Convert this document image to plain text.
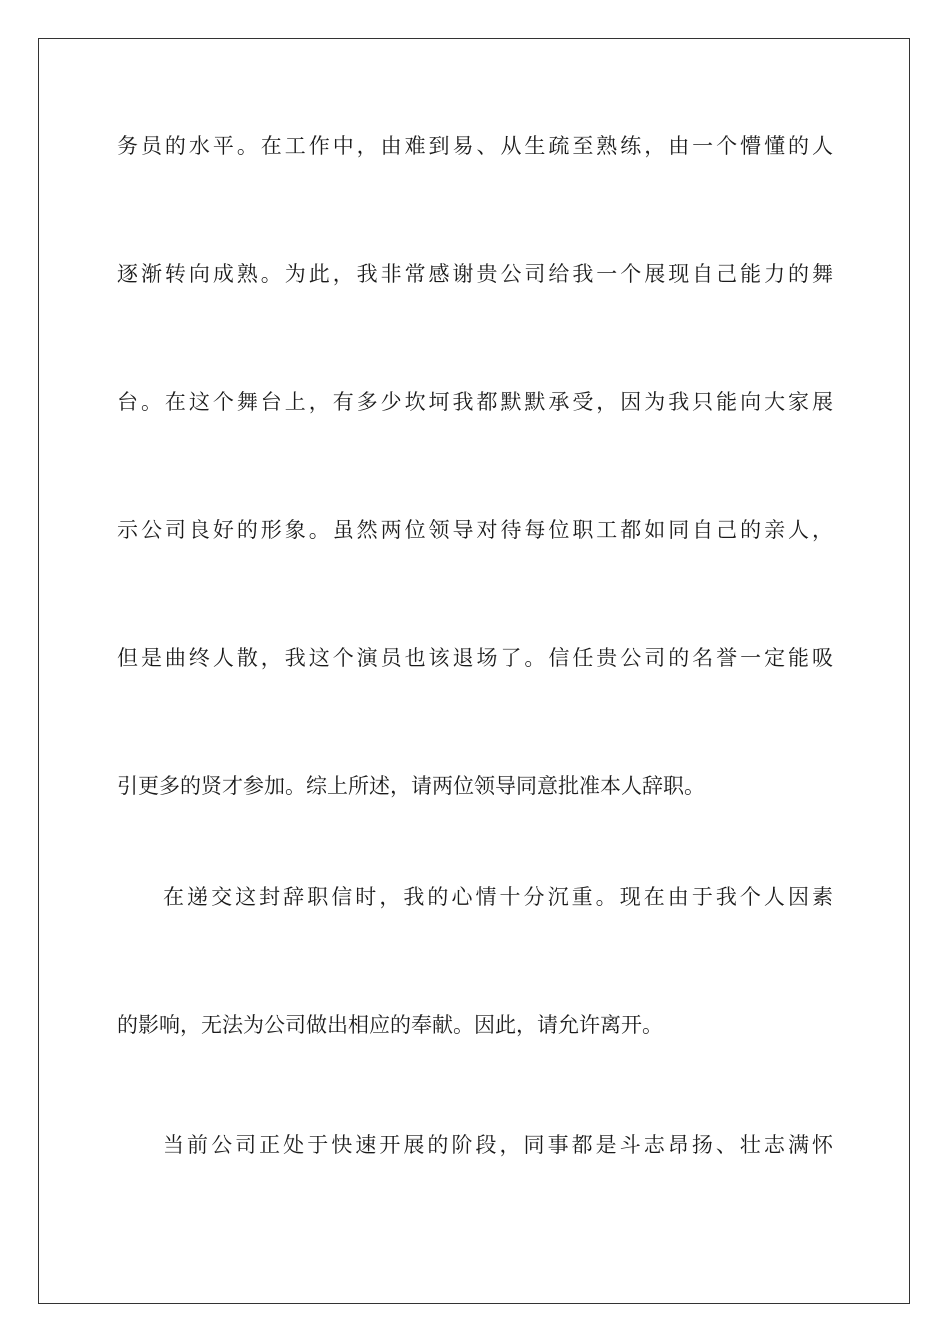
务员的水平。在工作中，由难到易、从生疏至熟练，由一个懵懂的人
逐渐转向成熟。为此，我非常感谢贵公司给我一个展现自己能力的舞
台。在这个舞台上，有多少坎坷我都默默承受，因为我只能向大家展
示公司良好的形象。虽然两位领导对待每位职工都如同自己的亲人，
但是曲终人散，我这个演员也该退场了。信任贵公司的名誉一定能吸
引更多的贤才参加。综上所述，请两位领导同意批准本人辞职。
在递交这封辞职信时，我的心情十分沉重。现在由于我个人因素
的影响，无法为公司做出相应的奉献。因此，请允许离开。
当前公司正处于快速开展的阶段，同事都是斗志昂扬、壮志满怀
